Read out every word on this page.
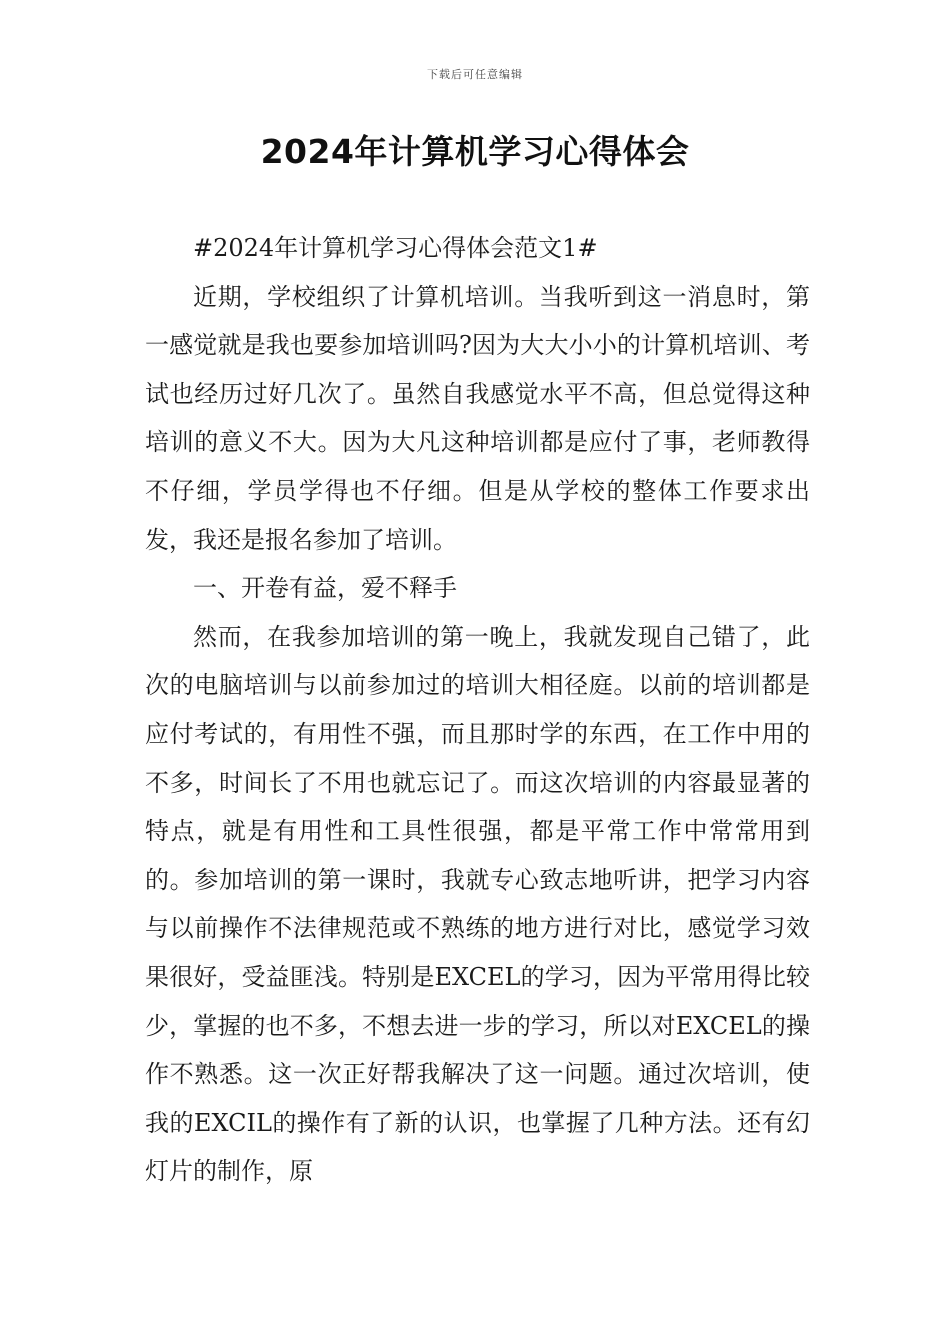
下载后可任意编辑
2024年计算机学习心得体会

#2024年计算机学习心得体会范文1#

近期，学校组织了计算机培训。当我听到这一消息时，第一感觉就是我也要参加培训吗?因为大大小小的计算机培训、考试也经历过好几次了。虽然自我感觉水平不高，但总觉得这种培训的意义不大。因为大凡这种培训都是应付了事，老师教得不仔细，学员学得也不仔细。但是从学校的整体工作要求出发，我还是报名参加了培训。

一、开卷有益，爱不释手

然而，在我参加培训的第一晚上，我就发现自己错了，此次的电脑培训与以前参加过的培训大相径庭。以前的培训都是应付考试的，有用性不强，而且那时学的东西，在工作中用的不多，时间长了不用也就忘记了。而这次培训的内容最显著的特点，就是有用性和工具性很强，都是平常工作中常常用到的。参加培训的第一课时，我就专心致志地听讲，把学习内容与以前操作不法律规范或不熟练的地方进行对比，感觉学习效果很好，受益匪浅。特别是EXCEL的学习，因为平常用得比较少，掌握的也不多，不想去进一步的学习，所以对EXCEL的操作不熟悉。这一次正好帮我解决了这一问题。通过次培训，使我的EXCIL的操作有了新的认识，也掌握了几种方法。还有幻灯片的制作，原
